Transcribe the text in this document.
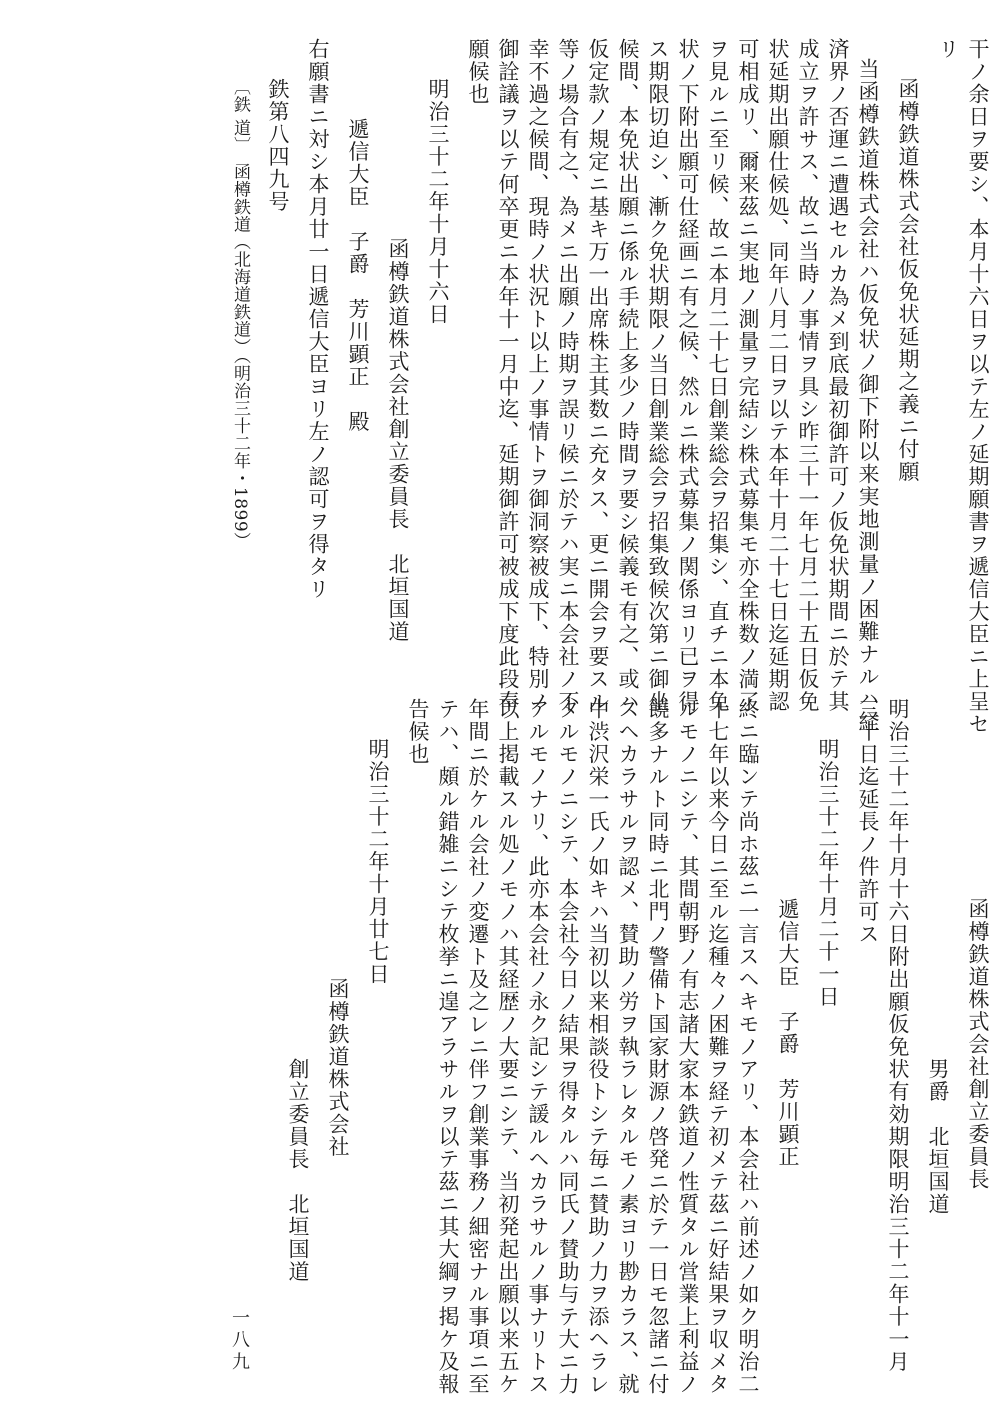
干ノ余日ヲ要シ、本月十六日ヲ以テ左ノ延期願書ヲ遞信大臣ニ上呈セ
リ
函樽鉄道株式会社仮免状延期之義ニ付願
当函樽鉄道株式会社ハ仮免状ノ御下附以来実地測量ノ困難ナルハ経
済界ノ否運ニ遭遇セルカ為メ到底最初御許可ノ仮免状期間ニ於テ其
成立ヲ許サス、故ニ当時ノ事情ヲ具シ昨三十一年七月二十五日仮免
状延期出願仕候処、同年八月二日ヲ以テ本年十月二十七日迄延期認
可相成リ、爾来茲ニ実地ノ測量ヲ完結シ株式募集モ亦全株数ノ満了
ヲ見ルニ至リ候、故ニ本月二十七日創業総会ヲ招集シ、直チニ本免
状ノ下附出願可仕経画ニ有之候、然ルニ株式募集ノ関係ヨリ已ヲ得
ス期限切迫シ、漸ク免状期限ノ当日創業総会ヲ招集致候次第ニ御坐
候間、本免状出願ニ係ル手続上多少ノ時間ヲ要シ候義モ有之、或ハ
仮定款ノ規定ニ基キ万一出席株主其数ニ充タス、更ニ開会ヲ要スル
等ノ場合有之、為メニ出願ノ時期ヲ誤リ候ニ於テハ実ニ本会社ノ不
幸不過之候間、現時ノ状況ト以上ノ事情トヲ御洞察被成下、特別ノ
御詮議ヲ以テ何卒更ニ本年十一月中迄、延期御許可被成下度此段奉
願候也
明治三十二年十月十六日
函樽鉄道株式会社創立委員長　北垣国道
遞信大臣　子爵　芳川顕正　殿
右願書ニ対シ本月廿一日遞信大臣ヨリ左ノ認可ヲ得タリ
鉄第八四九号
〔鉄 道〕　函樽鉄道（北海道鉄道）（明治三十二年・1899）
函樽鉄道株式会社創立委員長
男爵　北垣国道
明治三十二年十月十六日附出願仮免状有効期限明治三十二年十一月
三十日迄延長ノ件許可ス
明治三十二年十月二十一日
遞信大臣　子爵　芳川顕正
終ニ臨ンテ尚ホ茲ニ一言スヘキモノアリ、本会社ハ前述ノ如ク明治二
十七年以来今日ニ至ル迄種々ノ困難ヲ経テ初メテ茲ニ好結果ヲ収メタ
ルモノニシテ、其間朝野ノ有志諸大家本鉄道ノ性質タル営業上利益ノ
饒多ナルト同時ニ北門ノ警備ト国家財源ノ啓発ニ於テ一日モ忽諸ニ付
スヘカラサルヲ認メ、賛助ノ労ヲ執ラレタルモノ素ヨリ尠カラス、就
中渋沢栄一氏ノ如キハ当初以来相談役トシテ毎ニ賛助ノ力ヲ添ヘラレ
タルモノニシテ、本会社今日ノ結果ヲ得タルハ同氏ノ賛助与テ大ニ力
アルモノナリ、此亦本会社ノ永ク記シテ諼ルヘカラサルノ事ナリトス
以上掲載スル処ノモノハ其経歴ノ大要ニシテ、当初発起出願以来五ケ
年間ニ於ケル会社ノ変遷ト及之レニ伴フ創業事務ノ細密ナル事項ニ至
テハ、頗ル錯雑ニシテ枚挙ニ遑アラサルヲ以テ茲ニ其大綱ヲ掲ケ及報
告候也
明治三十二年十月廿七日
函樽鉄道株式会社
創立委員長　北垣国道
一八九
